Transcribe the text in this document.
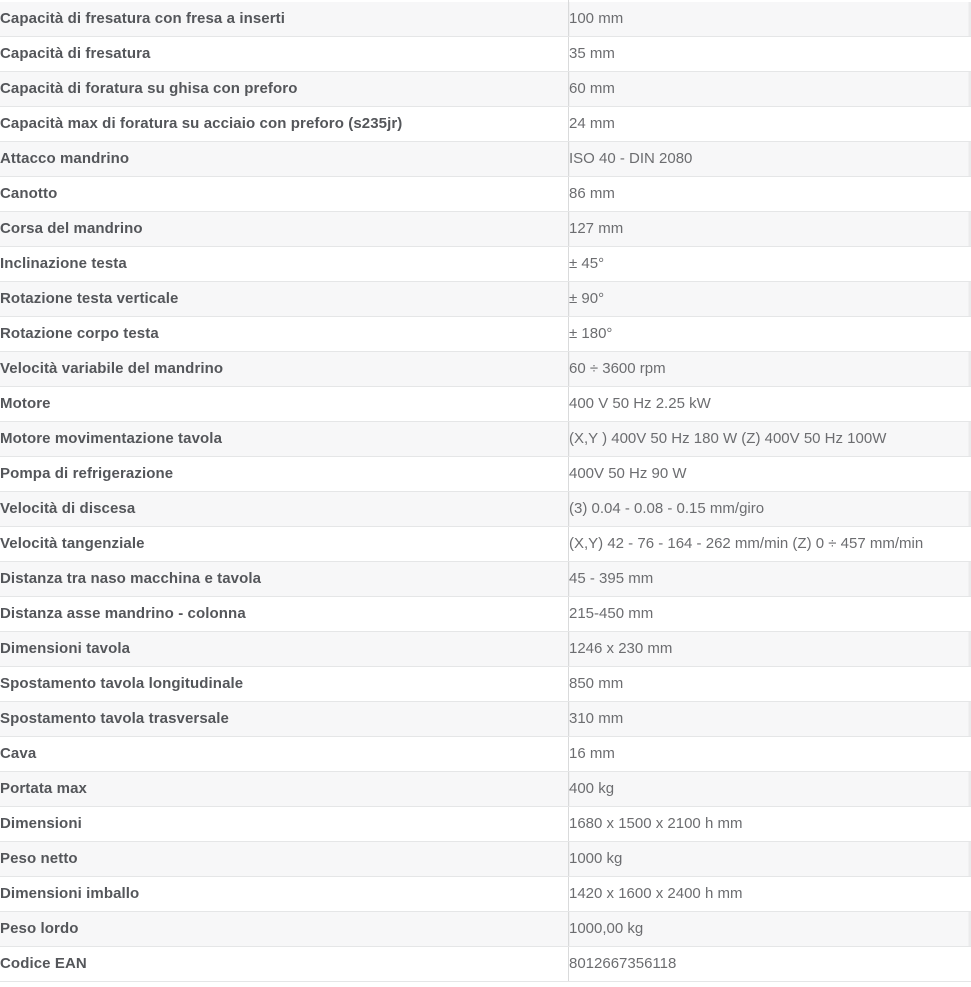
Capacità di fresatura con fresa a inserti	100 mm
Capacità di fresatura	35 mm
Capacità di foratura su ghisa con preforo	60 mm
Capacità max di foratura su acciaio con preforo (s235jr)	24 mm
Attacco mandrino	ISO 40 - DIN 2080
Canotto	86 mm
Corsa del mandrino	127 mm
Inclinazione testa	± 45°
Rotazione testa verticale	± 90°
Rotazione corpo testa	± 180°
Velocità variabile del mandrino	60 ÷ 3600 rpm
Motore	400 V 50 Hz 2.25 kW
Motore movimentazione tavola	(X,Y ) 400V 50 Hz 180 W (Z) 400V 50 Hz 100W
Pompa di refrigerazione	400V 50 Hz 90 W
Velocità di discesa	(3) 0.04 - 0.08 - 0.15 mm/giro
Velocità tangenziale	(X,Y) 42 - 76 - 164 - 262 mm/min (Z) 0 ÷ 457 mm/min
Distanza tra naso macchina e tavola	45 - 395 mm
Distanza asse mandrino - colonna	215-450 mm
Dimensioni tavola	1246 x 230 mm
Spostamento tavola longitudinale	850 mm
Spostamento tavola trasversale	310 mm
Cava	16 mm
Portata max	400 kg
Dimensioni	1680 x 1500 x 2100 h mm
Peso netto	1000 kg
Dimensioni imballo	1420 x 1600 x 2400 h mm
Peso lordo	1000,00 kg
Codice EAN	8012667356118
